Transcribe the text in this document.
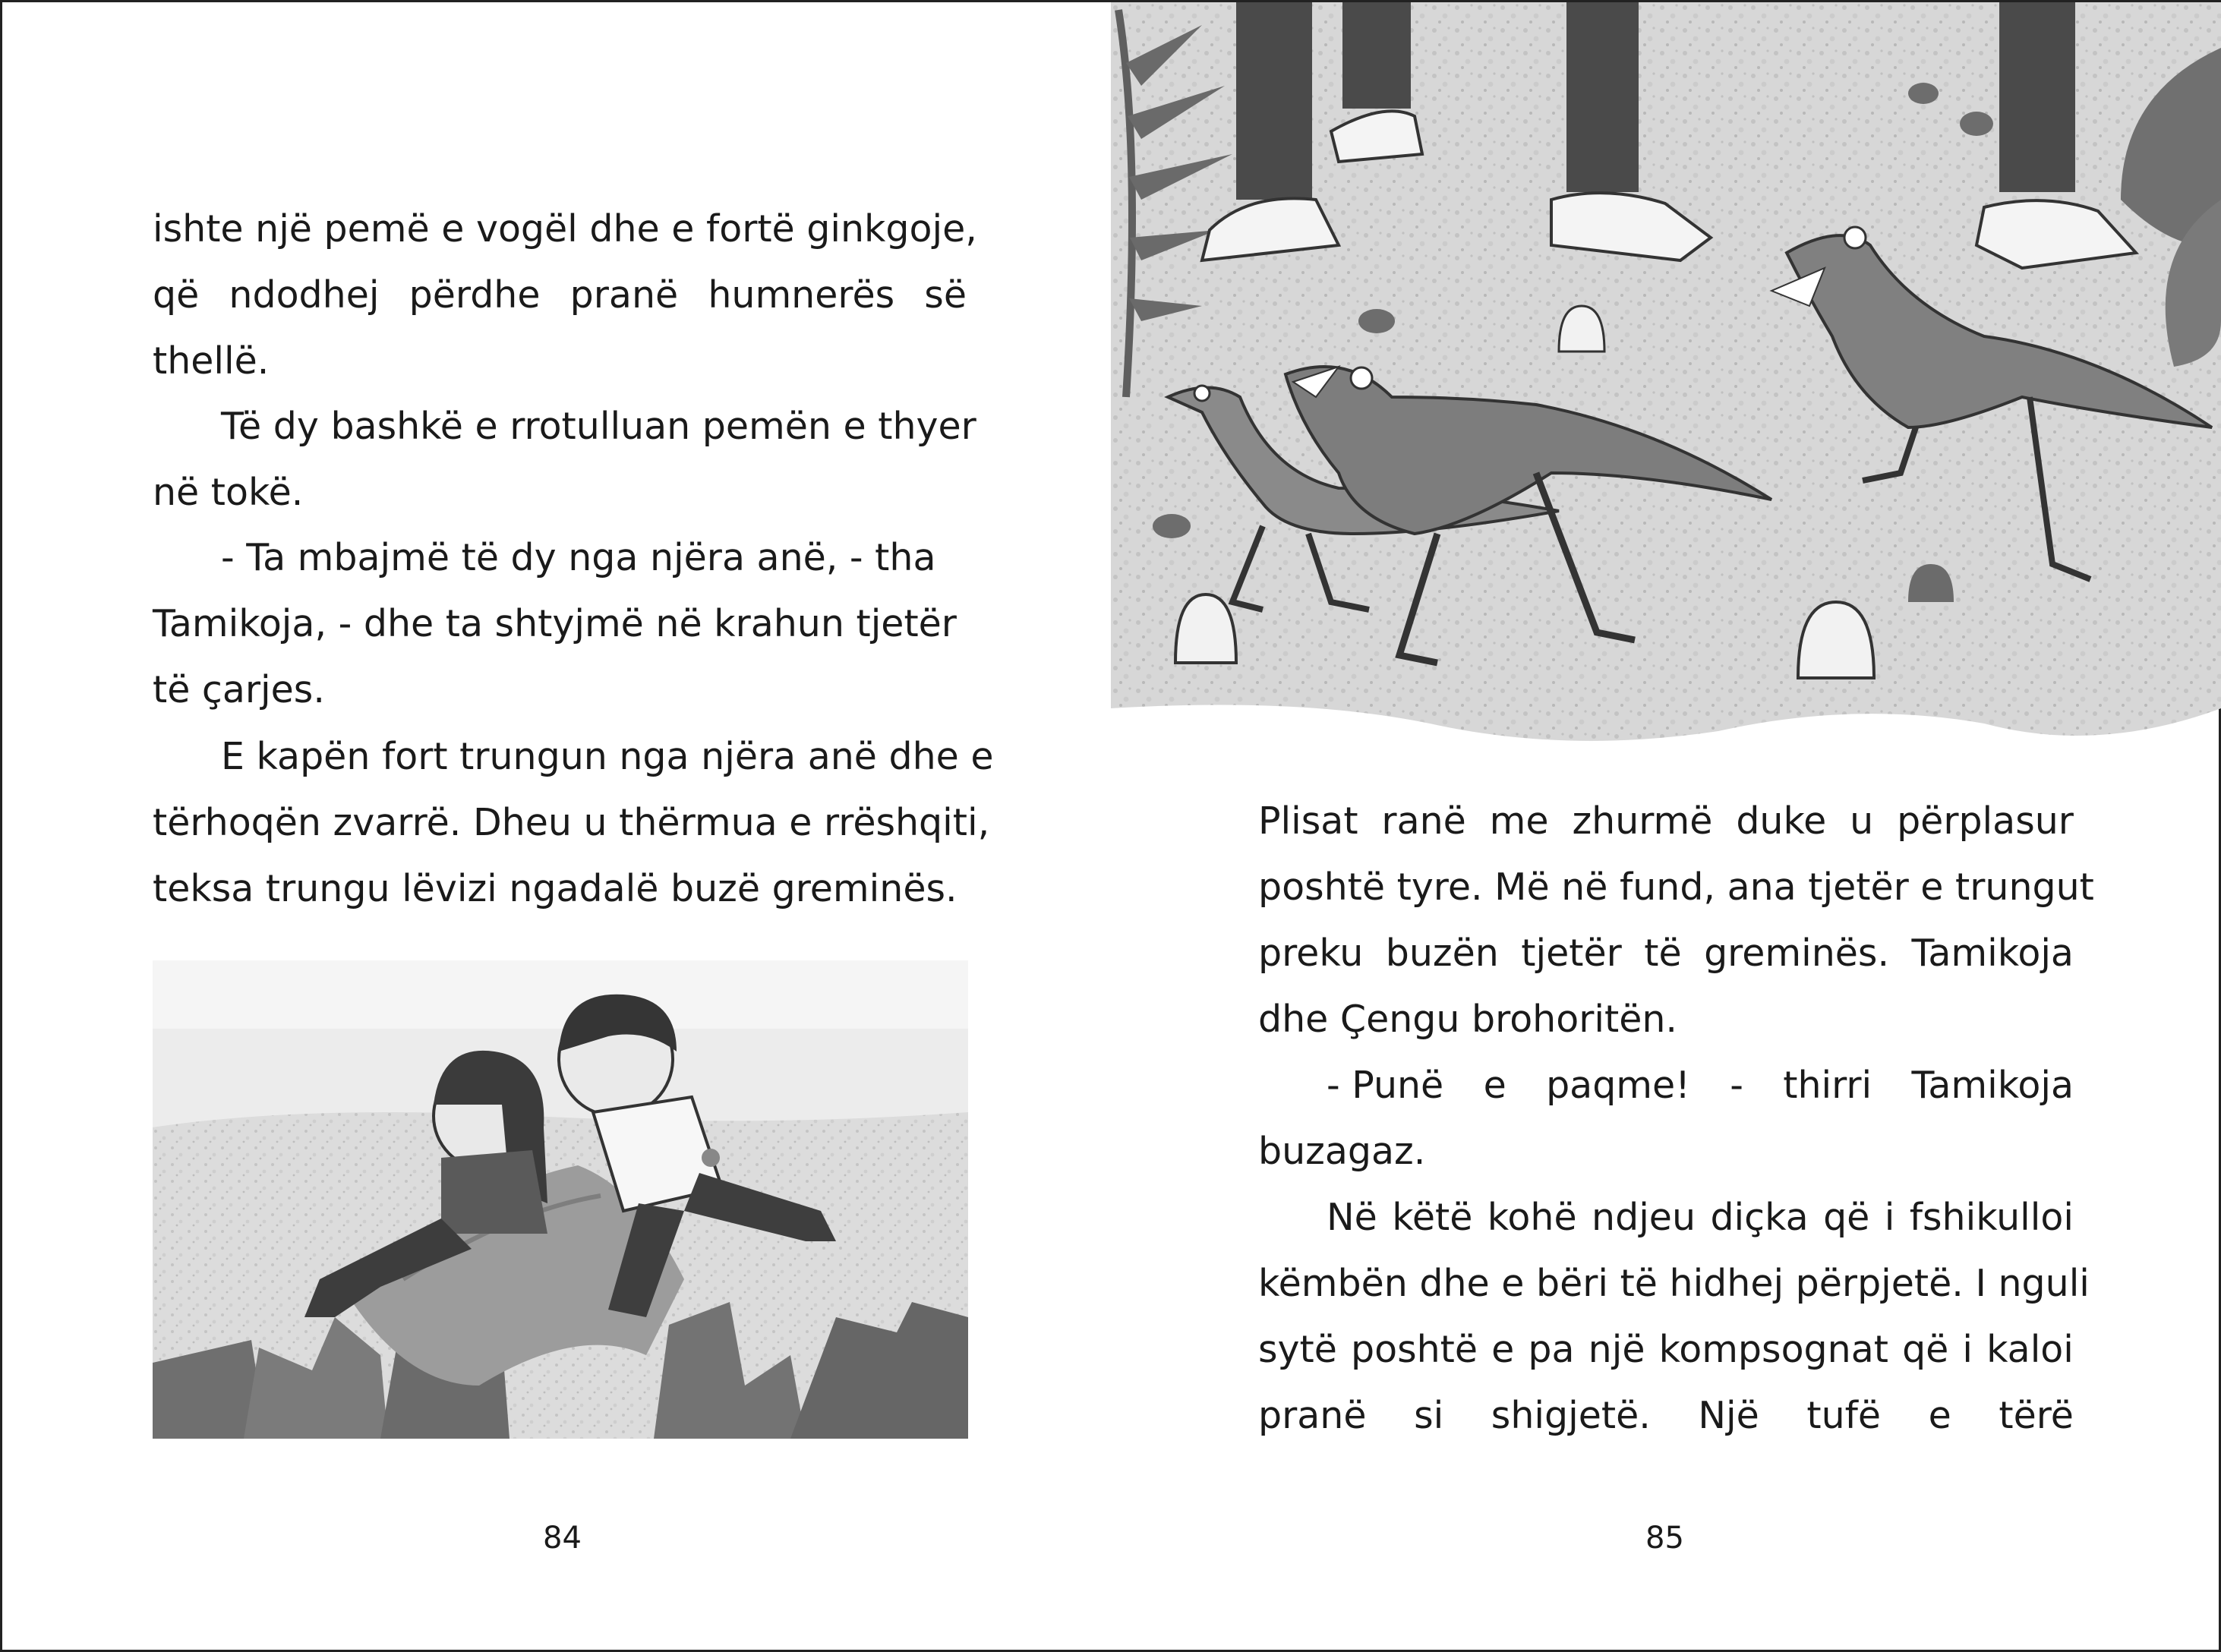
ishte një pemë e vogël dhe e fortë ginkgoje,
që ndodhej përdhe pranë humnerës së
thellë.
Të dy bashkë e rrotulluan pemën e thyer
në tokë.
- Ta mbajmë të dy nga njëra anë, - tha
Tamikoja, - dhe ta shtyjmë në krahun tjetër
të çarjes.
E kapën fort trungun nga njëra anë dhe e
tërhoqën zvarrë. Dheu u thërmua e rrëshqiti,
teksa trungu lëvizi ngadalë buzë greminës.
84
Plisat ranë me zhurmë duke u përplasur
poshtë tyre. Më në fund, ana tjetër e trungut
preku buzën tjetër të greminës. Tamikoja
dhe Çengu brohoritën.
- Punë e paqme! - thirri Tamikoja
buzagaz.
Në këtë kohë ndjeu diçka që i fshikulloi
këmbën dhe e bëri të hidhej përpjetë. I nguli
sytë poshtë e pa një kompsognat që i kaloi
pranë si shigjetë. Një tufë e tërë
85
